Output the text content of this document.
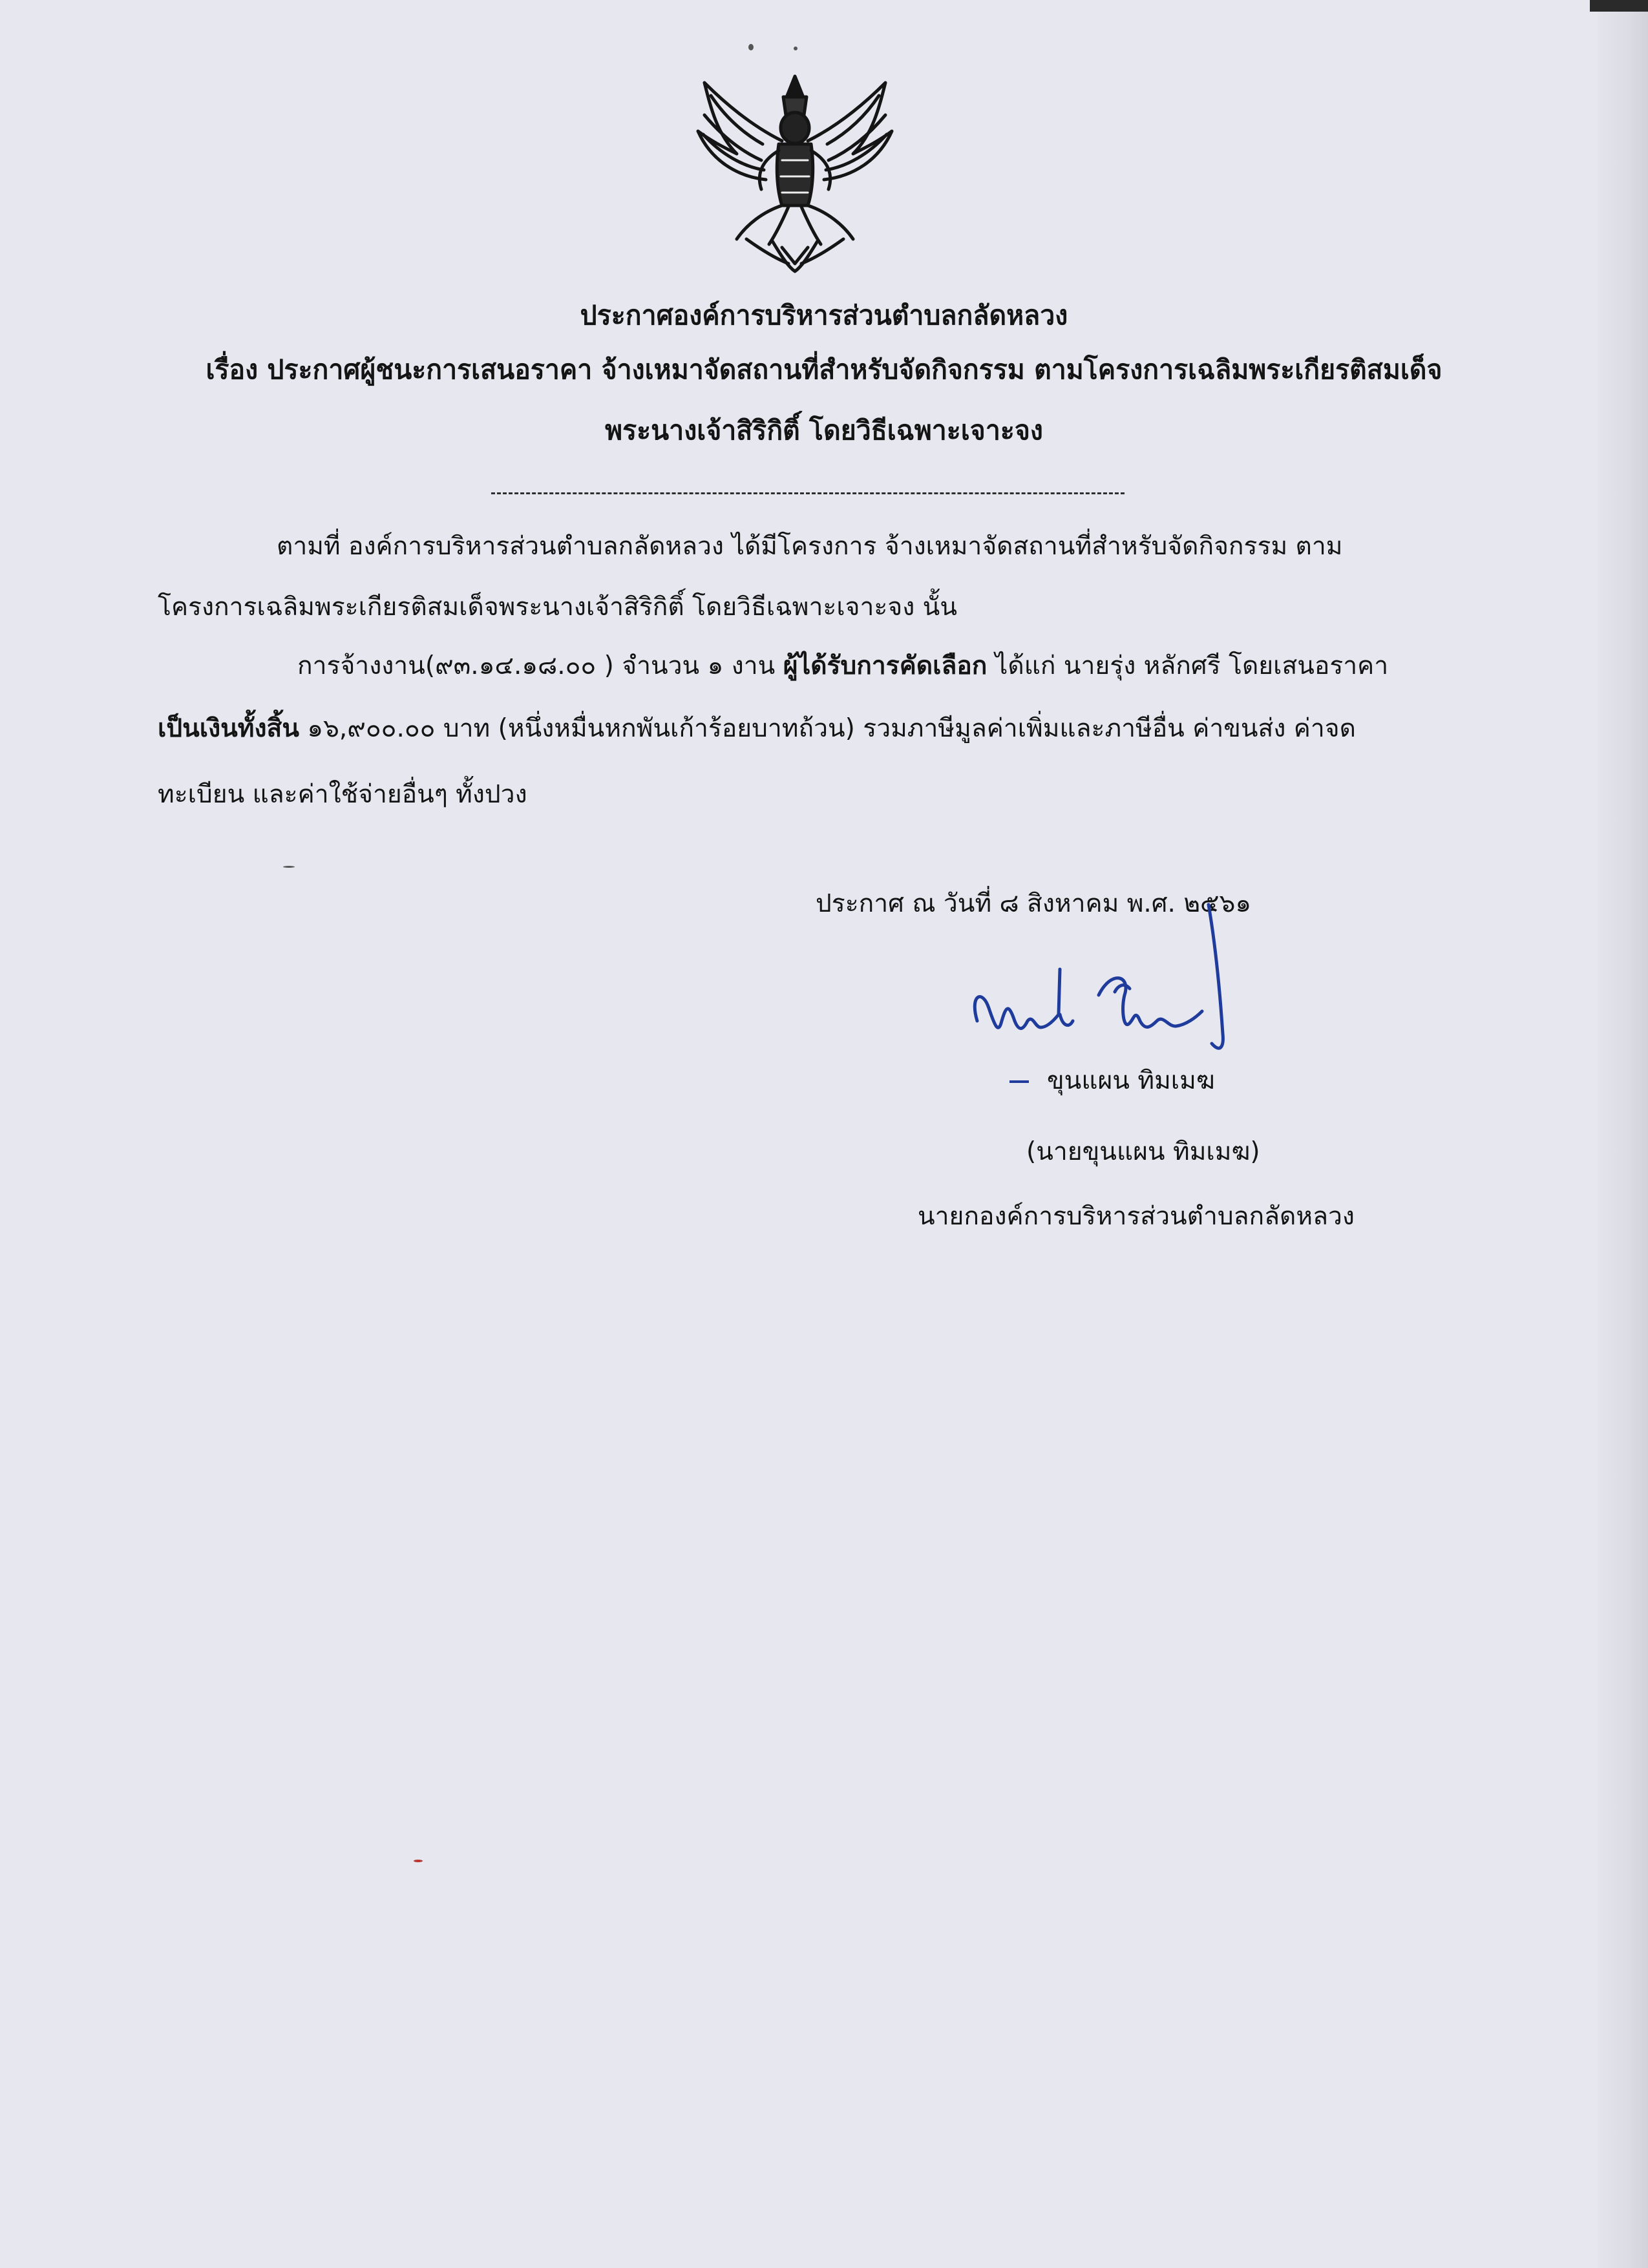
ประกาศองค์การบริหารส่วนตำบลกลัดหลวง
เรื่อง ประกาศผู้ชนะการเสนอราคา จ้างเหมาจัดสถานที่สำหรับจัดกิจกรรม ตามโครงการเฉลิมพระเกียรติสมเด็จ
พระนางเจ้าสิริกิติ์ โดยวิธีเฉพาะเจาะจง
ตามที่ องค์การบริหารส่วนตำบลกลัดหลวง ได้มีโครงการ จ้างเหมาจัดสถานที่สำหรับจัดกิจกรรม ตาม
โครงการเฉลิมพระเกียรติสมเด็จพระนางเจ้าสิริกิติ์ โดยวิธีเฉพาะเจาะจง นั้น
การจ้างงาน(๙๓.๑๔.๑๘.๐๐ ) จำนวน ๑ งาน ผู้ได้รับการคัดเลือก ได้แก่ นายรุ่ง หลักศรี โดยเสนอราคา
เป็นเงินทั้งสิ้น ๑๖,๙๐๐.๐๐ บาท (หนึ่งหมื่นหกพันเก้าร้อยบาทถ้วน) รวมภาษีมูลค่าเพิ่มและภาษีอื่น ค่าขนส่ง ค่าจด
ทะเบียน และค่าใช้จ่ายอื่นๆ ทั้งปวง
ประกาศ ณ วันที่ ๘ สิงหาคม พ.ศ. ๒๕๖๑
ขุนแผน ทิมเมฆ
(นายขุนแผน ทิมเมฆ)
นายกองค์การบริหารส่วนตำบลกลัดหลวง
